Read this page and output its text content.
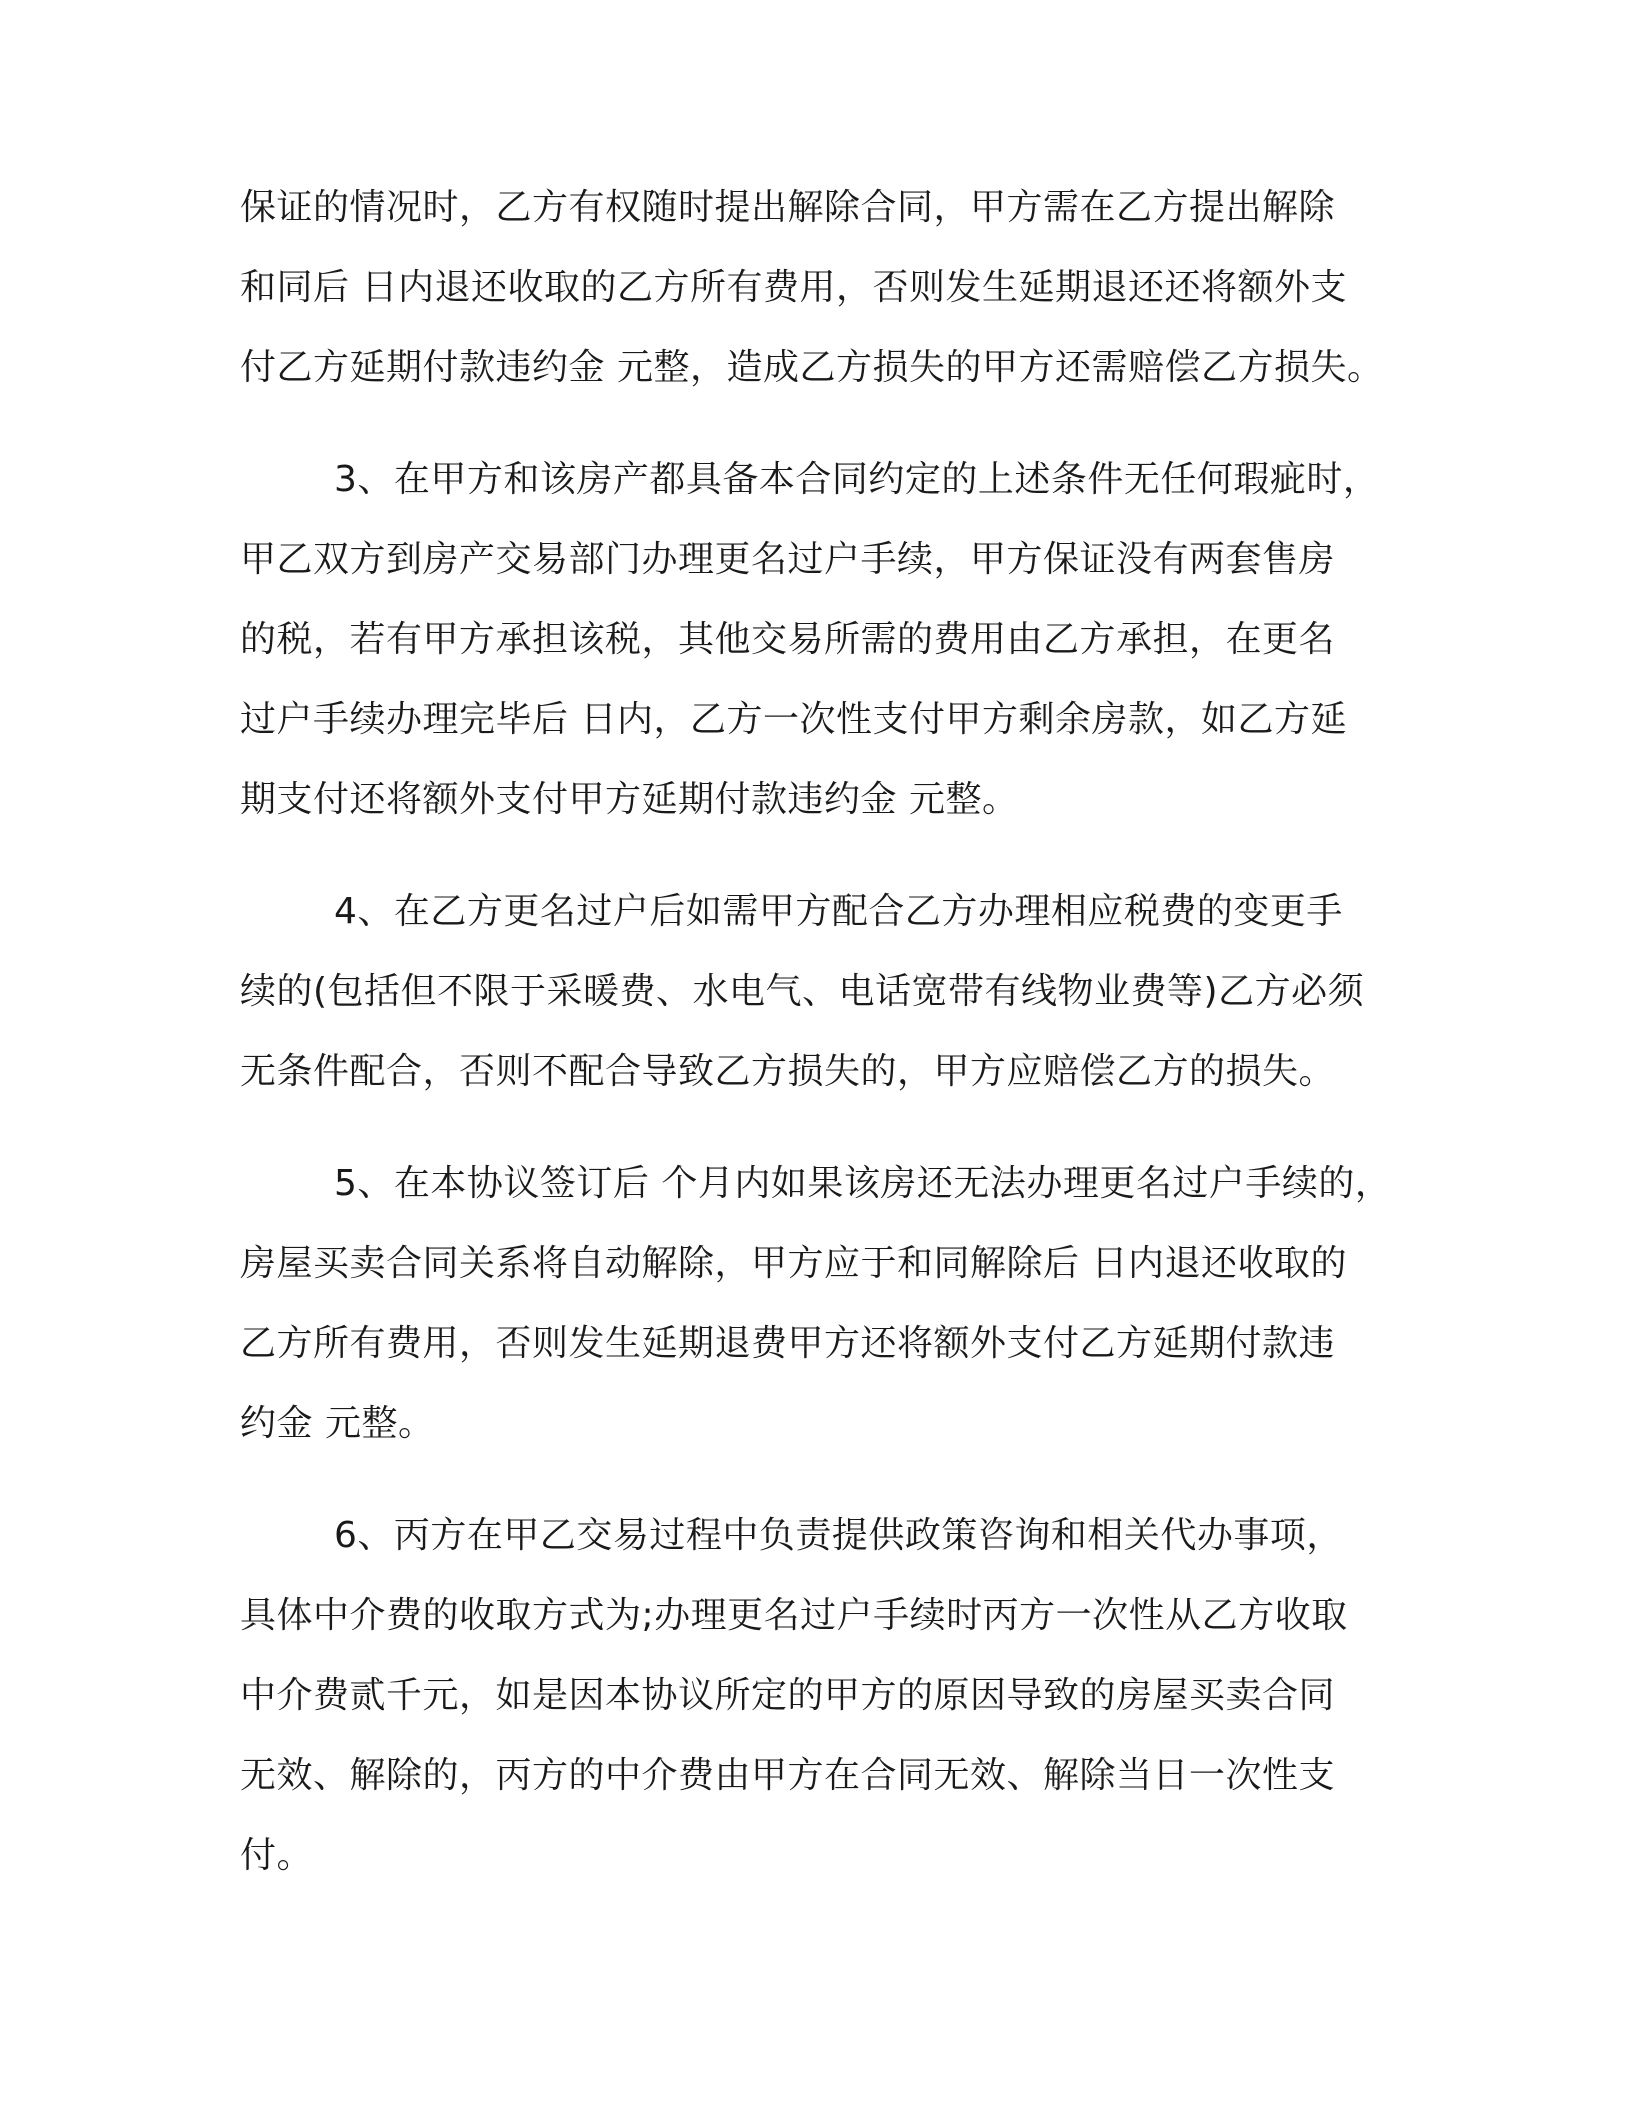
保证的情况时，乙方有权随时提出解除合同，甲方需在乙方提出解除
和同后 日内退还收取的乙方所有费用，否则发生延期退还还将额外支
付乙方延期付款违约金 元整，造成乙方损失的甲方还需赔偿乙方损失。
3、在甲方和该房产都具备本合同约定的上述条件无任何瑕疵时，
甲乙双方到房产交易部门办理更名过户手续，甲方保证没有两套售房
的税，若有甲方承担该税，其他交易所需的费用由乙方承担，在更名
过户手续办理完毕后 日内，乙方一次性支付甲方剩余房款，如乙方延
期支付还将额外支付甲方延期付款违约金 元整。
4、在乙方更名过户后如需甲方配合乙方办理相应税费的变更手
续的(包括但不限于采暖费、水电气、电话宽带有线物业费等)乙方必须
无条件配合，否则不配合导致乙方损失的，甲方应赔偿乙方的损失。
5、在本协议签订后 个月内如果该房还无法办理更名过户手续的，
房屋买卖合同关系将自动解除，甲方应于和同解除后 日内退还收取的
乙方所有费用，否则发生延期退费甲方还将额外支付乙方延期付款违
约金 元整。
6、丙方在甲乙交易过程中负责提供政策咨询和相关代办事项，
具体中介费的收取方式为;办理更名过户手续时丙方一次性从乙方收取
中介费贰千元，如是因本协议所定的甲方的原因导致的房屋买卖合同
无效、解除的，丙方的中介费由甲方在合同无效、解除当日一次性支
付。
